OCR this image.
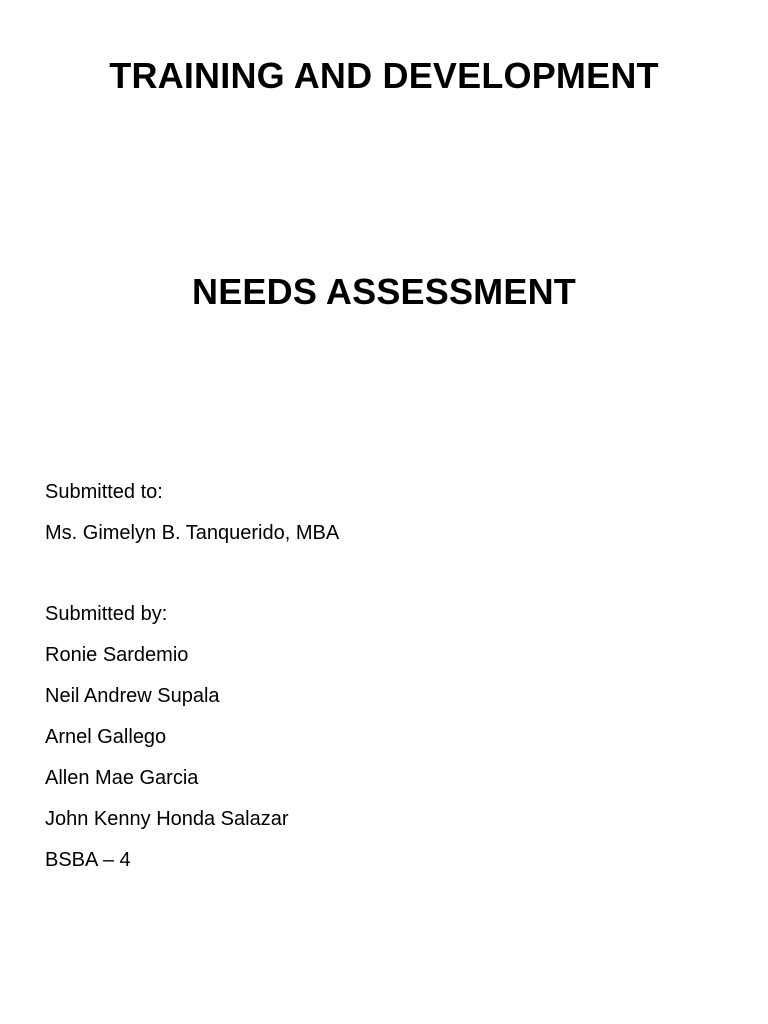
TRAINING AND DEVELOPMENT
NEEDS ASSESSMENT
Submitted to:
Ms. Gimelyn B. Tanquerido, MBA
Submitted by:
Ronie Sardemio
Neil Andrew Supala
Arnel Gallego
Allen Mae Garcia
John Kenny Honda Salazar
BSBA – 4
